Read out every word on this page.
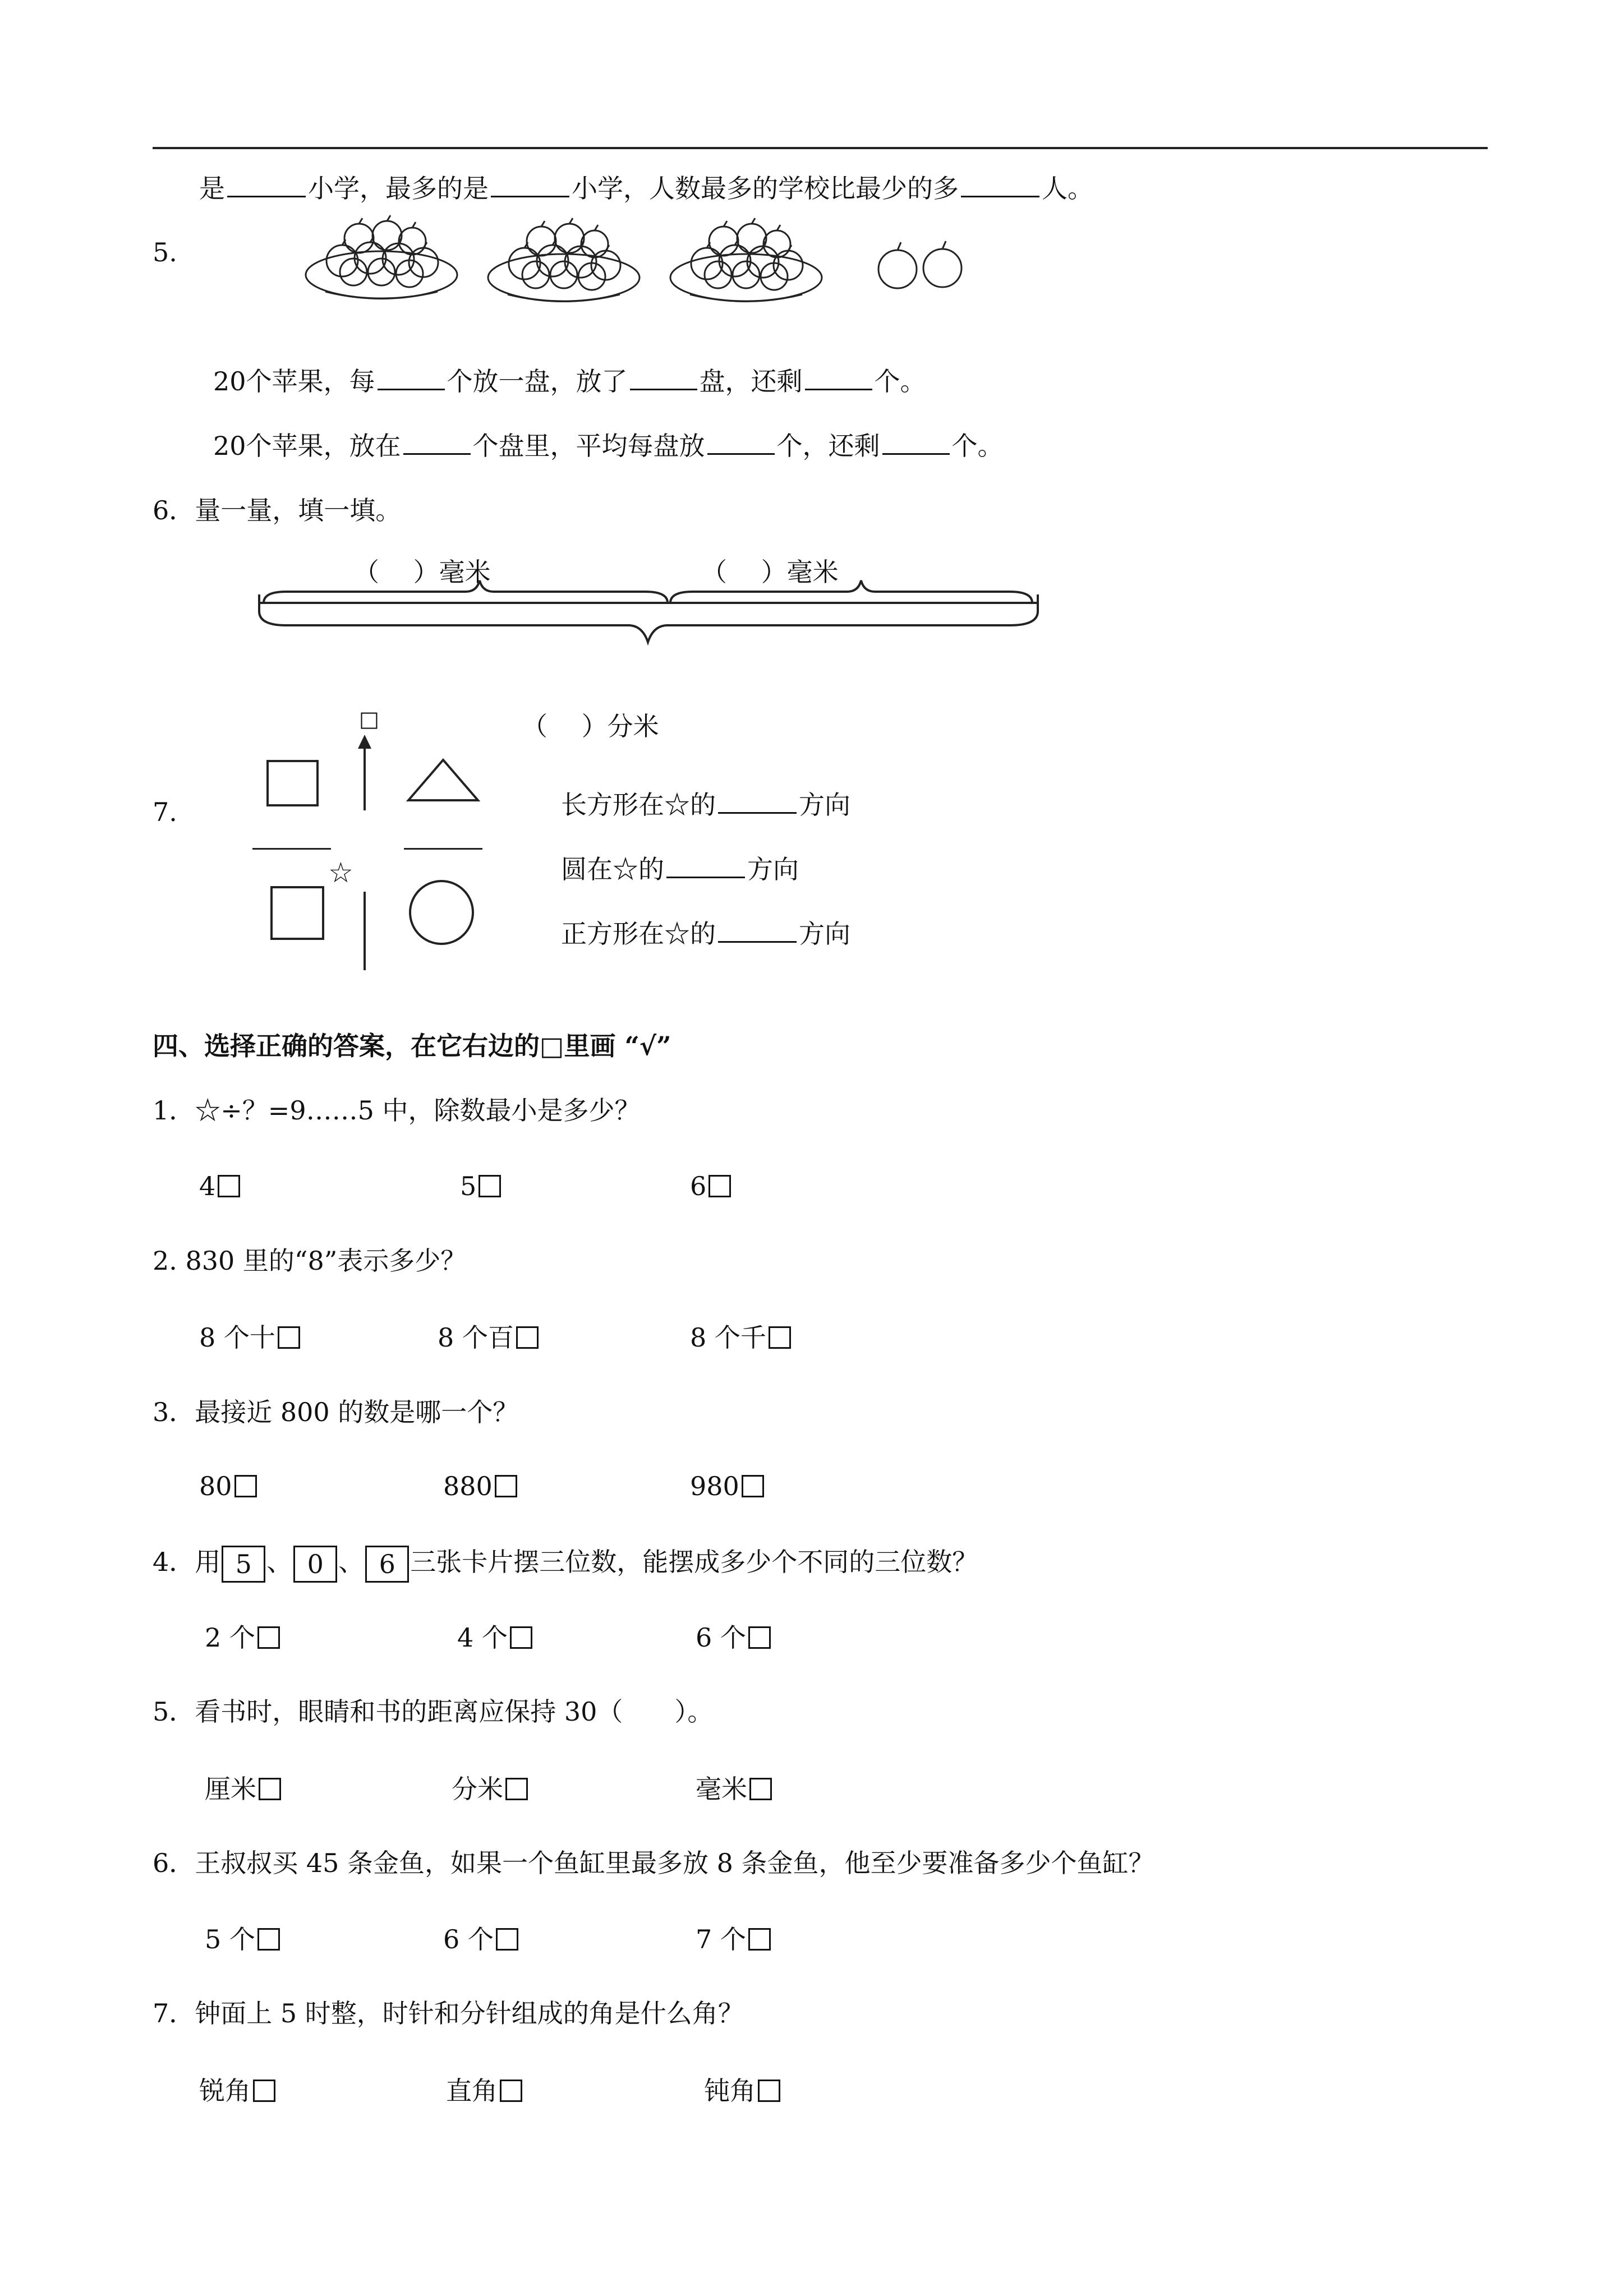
是	小学，最多的是	小学，人数最多的学校比最少的多	人。
5.
20个苹果，每	个放一盘，放了	盘，还剩	个。
20个苹果，放在	个盘里，平均每盘放	个，还剩	个。
6．量一量，填一填。
（　 ）毫米	（　 ）毫米
（　 ）分米
7.
□
☆
长方形在☆的	方向
圆在☆的	方向
正方形在☆的	方向
四、选择正确的答案，在它右边的□里画 “√”
1．☆÷？=9……5 中，除数最小是多少？
4	5	6
2. 830 里的“8”表示多少？
8 个十	8 个百	8 个千
3．最接近 800 的数是哪一个？
80	880	980
4．用 5 、 0 、 6 三张卡片摆三位数，能摆成多少个不同的三位数？
2 个	4 个	6 个
5．看书时，眼睛和书的距离应保持 30（　　）。
厘米	分米	毫米
6．王叔叔买 45 条金鱼，如果一个鱼缸里最多放 8 条金鱼，他至少要准备多少个鱼缸？
5 个	6 个	7 个
7．钟面上 5 时整，时针和分针组成的角是什么角？
锐角	直角	钝角
